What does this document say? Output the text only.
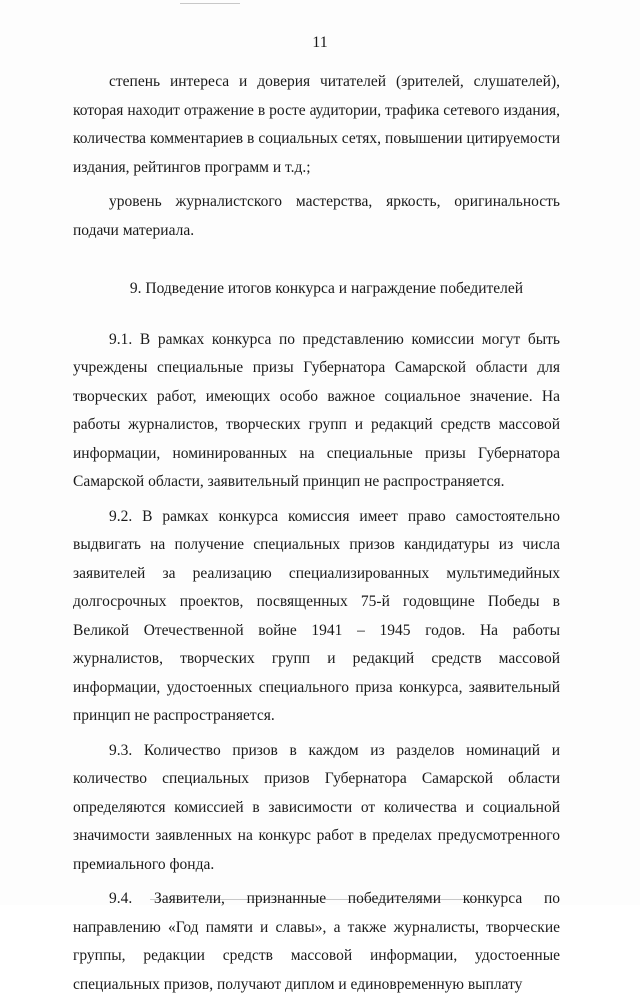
11

степень интереса и доверия читателей (зрителей, слушателей), которая находит отражение в росте аудитории, трафика сетевого издания, количества комментариев в социальных сетях, повышении цитируемости издания, рейтингов программ и т.д.;

уровень журналистского мастерства, яркость, оригинальность подачи материала.

9. Подведение итогов конкурса и награждение победителей

9.1. В рамках конкурса по представлению комиссии могут быть учреждены специальные призы Губернатора Самарской области для творческих работ, имеющих особо важное социальное значение. На работы журналистов, творческих групп и редакций средств массовой информации, номинированных на специальные призы Губернатора Самарской области, заявительный принцип не распространяется.

9.2. В рамках конкурса комиссия имеет право самостоятельно выдвигать на получение специальных призов кандидатуры из числа заявителей за реализацию специализированных мультимедийных долгосрочных проектов, посвященных 75-й годовщине Победы в Великой Отечественной войне 1941 – 1945 годов. На работы журналистов, творческих групп и редакций средств массовой информации, удостоенных специального приза конкурса, заявительный принцип не распространяется.

9.3. Количество призов в каждом из разделов номинаций и количество специальных призов Губернатора Самарской области определяются комиссией в зависимости от количества и социальной значимости заявленных на конкурс работ в пределах предусмотренного премиального фонда.

9.4. Заявители, признанные победителями конкурса по направлению «Год памяти и славы», а также журналисты, творческие группы, редакции средств массовой информации, удостоенные специальных призов, получают диплом и единовременную выплату
